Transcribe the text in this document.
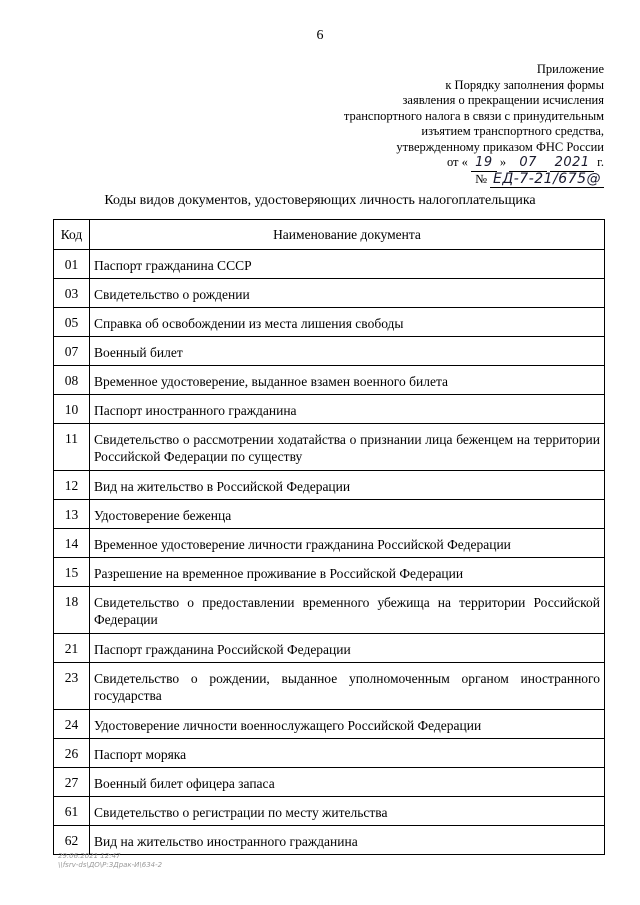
6
Приложение
к Порядку заполнения формы
заявления о прекращении исчисления
транспортного налога в связи с принудительным
изъятием транспортного средства,
утвержденному приказом ФНС России
от « 19 »	07	2021 г.
№ ЕД-7-21/675@
Коды видов документов, удостоверяющих личность налогоплательщика
Код	Наименование документа
01	Паспорт гражданина СССР
03	Свидетельство о рождении
05	Справка об освобождении из места лишения свободы
07	Военный билет
08	Временное удостоверение, выданное взамен военного билета
10	Паспорт иностранного гражданина
11	Свидетельство о рассмотрении ходатайства о признании лица беженцем на территории Российской Федерации по существу
12	Вид на жительство в Российской Федерации
13	Удостоверение беженца
14	Временное удостоверение личности гражданина Российской Федерации
15	Разрешение на временное проживание в Российской Федерации
18	Свидетельство о предоставлении временного убежища на территории Российской Федерации
21	Паспорт гражданина Российской Федерации
23	Свидетельство о рождении, выданное уполномоченным органом иностранного государства
24	Удостоверение личности военнослужащего Российской Федерации
26	Паспорт моряка
27	Военный билет офицера запаса
61	Свидетельство о регистрации по месту жительства
62	Вид на жительство иностранного гражданина
29.06.2021 12:47
\\fsrv-ds\ДО\Р:ЗДрак-И\634-2
